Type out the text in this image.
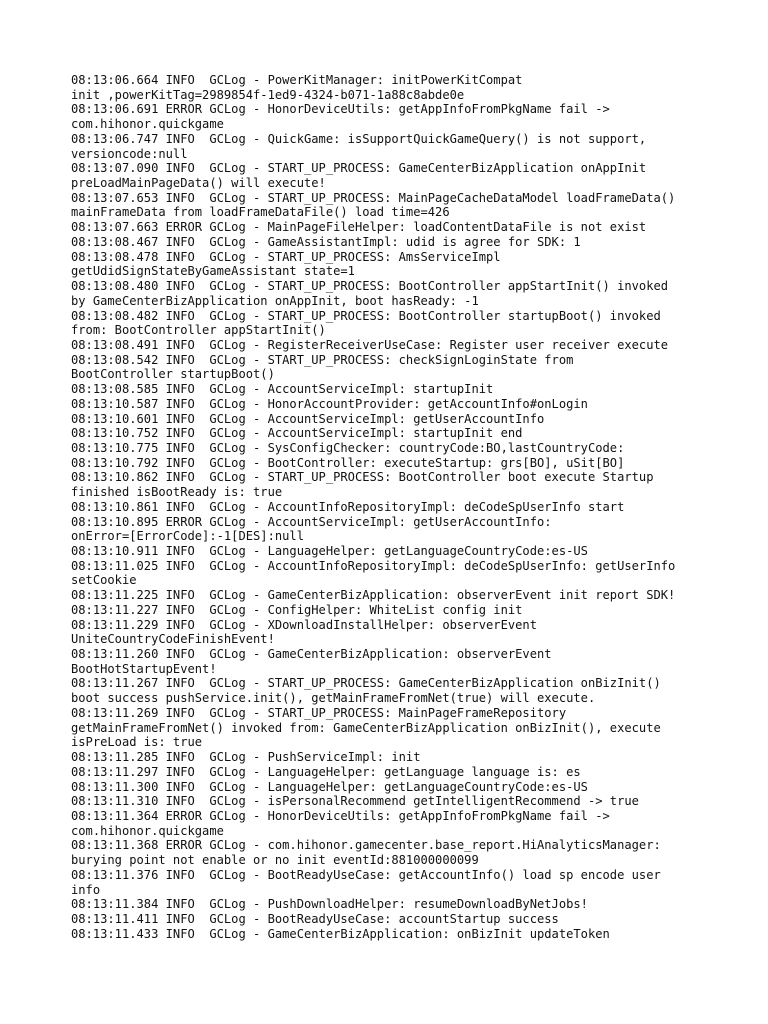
08:13:06.664 INFO  GCLog - PowerKitManager: initPowerKitCompat
init ,powerKitTag=2989854f-1ed9-4324-b071-1a88c8abde0e
08:13:06.691 ERROR GCLog - HonorDeviceUtils: getAppInfoFromPkgName fail ->
com.hihonor.quickgame
08:13:06.747 INFO  GCLog - QuickGame: isSupportQuickGameQuery() is not support,
versioncode:null
08:13:07.090 INFO  GCLog - START_UP_PROCESS: GameCenterBizApplication onAppInit
preLoadMainPageData() will execute!
08:13:07.653 INFO  GCLog - START_UP_PROCESS: MainPageCacheDataModel loadFrameData()
mainFrameData from loadFrameDataFile() load time=426
08:13:07.663 ERROR GCLog - MainPageFileHelper: loadContentDataFile is not exist
08:13:08.467 INFO  GCLog - GameAssistantImpl: udid is agree for SDK: 1
08:13:08.478 INFO  GCLog - START_UP_PROCESS: AmsServiceImpl
getUdidSignStateByGameAssistant state=1
08:13:08.480 INFO  GCLog - START_UP_PROCESS: BootController appStartInit() invoked
by GameCenterBizApplication onAppInit, boot hasReady: -1
08:13:08.482 INFO  GCLog - START_UP_PROCESS: BootController startupBoot() invoked
from: BootController appStartInit()
08:13:08.491 INFO  GCLog - RegisterReceiverUseCase: Register user receiver execute
08:13:08.542 INFO  GCLog - START_UP_PROCESS: checkSignLoginState from
BootController startupBoot()
08:13:08.585 INFO  GCLog - AccountServiceImpl: startupInit
08:13:10.587 INFO  GCLog - HonorAccountProvider: getAccountInfo#onLogin
08:13:10.601 INFO  GCLog - AccountServiceImpl: getUserAccountInfo
08:13:10.752 INFO  GCLog - AccountServiceImpl: startupInit end
08:13:10.775 INFO  GCLog - SysConfigChecker: countryCode:BO,lastCountryCode:
08:13:10.792 INFO  GCLog - BootController: executeStartup: grs[BO], uSit[BO]
08:13:10.862 INFO  GCLog - START_UP_PROCESS: BootController boot execute Startup
finished isBootReady is: true
08:13:10.861 INFO  GCLog - AccountInfoRepositoryImpl: deCodeSpUserInfo start
08:13:10.895 ERROR GCLog - AccountServiceImpl: getUserAccountInfo:
onError=[ErrorCode]:-1[DES]:null
08:13:10.911 INFO  GCLog - LanguageHelper: getLanguageCountryCode:es-US
08:13:11.025 INFO  GCLog - AccountInfoRepositoryImpl: deCodeSpUserInfo: getUserInfo
setCookie
08:13:11.225 INFO  GCLog - GameCenterBizApplication: observerEvent init report SDK!
08:13:11.227 INFO  GCLog - ConfigHelper: WhiteList config init
08:13:11.229 INFO  GCLog - XDownloadInstallHelper: observerEvent
UniteCountryCodeFinishEvent!
08:13:11.260 INFO  GCLog - GameCenterBizApplication: observerEvent
BootHotStartupEvent!
08:13:11.267 INFO  GCLog - START_UP_PROCESS: GameCenterBizApplication onBizInit()
boot success pushService.init(), getMainFrameFromNet(true) will execute.
08:13:11.269 INFO  GCLog - START_UP_PROCESS: MainPageFrameRepository
getMainFrameFromNet() invoked from: GameCenterBizApplication onBizInit(), execute
isPreLoad is: true
08:13:11.285 INFO  GCLog - PushServiceImpl: init
08:13:11.297 INFO  GCLog - LanguageHelper: getLanguage language is: es
08:13:11.300 INFO  GCLog - LanguageHelper: getLanguageCountryCode:es-US
08:13:11.310 INFO  GCLog - isPersonalRecommend getIntelligentRecommend -> true
08:13:11.364 ERROR GCLog - HonorDeviceUtils: getAppInfoFromPkgName fail ->
com.hihonor.quickgame
08:13:11.368 ERROR GCLog - com.hihonor.gamecenter.base_report.HiAnalyticsManager:
burying point not enable or no init eventId:881000000099
08:13:11.376 INFO  GCLog - BootReadyUseCase: getAccountInfo() load sp encode user
info
08:13:11.384 INFO  GCLog - PushDownloadHelper: resumeDownloadByNetJobs!
08:13:11.411 INFO  GCLog - BootReadyUseCase: accountStartup success
08:13:11.433 INFO  GCLog - GameCenterBizApplication: onBizInit updateToken
